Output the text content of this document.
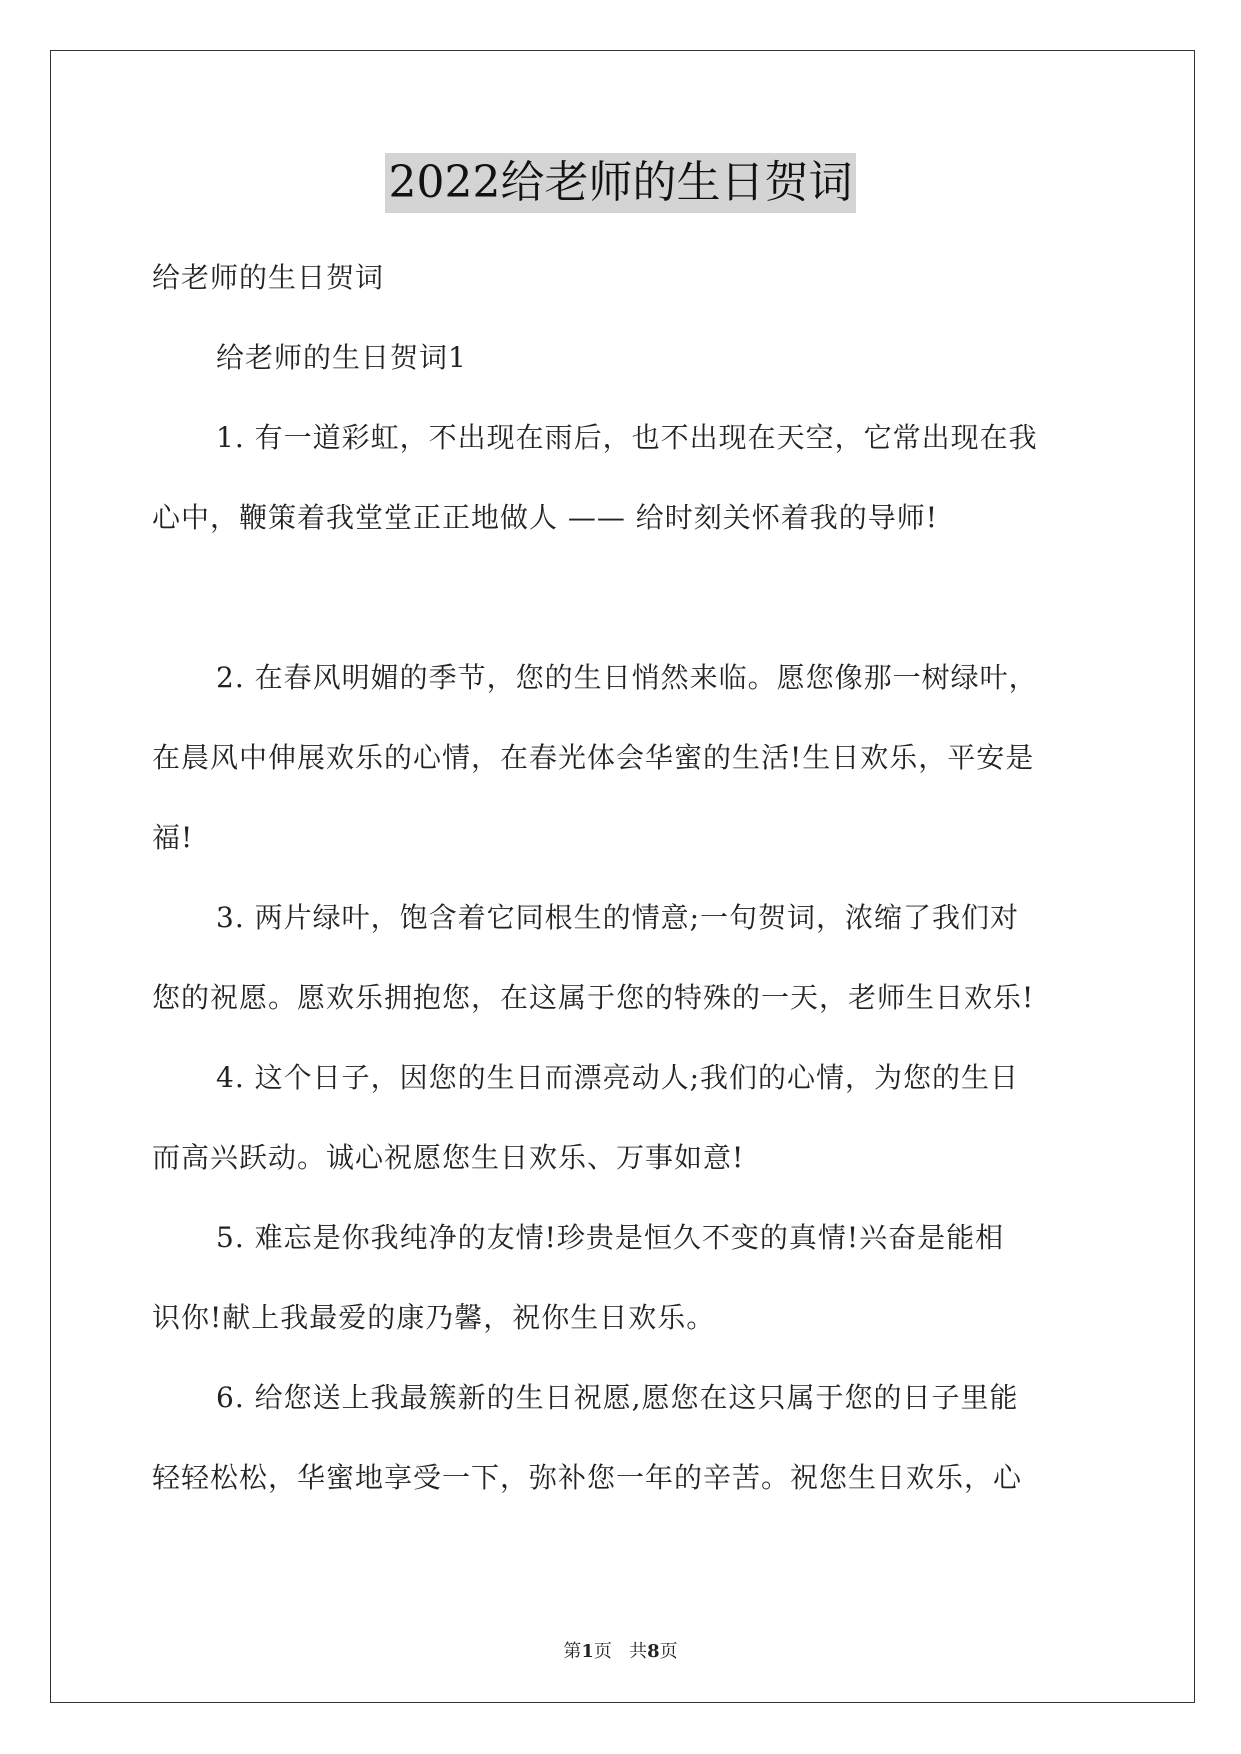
2022给老师的生日贺词
给老师的生日贺词
给老师的生日贺词1
1. 有一道彩虹，不出现在雨后，也不出现在天空，它常出现在我
心中，鞭策着我堂堂正正地做人 —— 给时刻关怀着我的导师!
2. 在春风明媚的季节，您的生日悄然来临。愿您像那一树绿叶，
在晨风中伸展欢乐的心情，在春光体会华蜜的生活!生日欢乐，平安是
福!
3. 两片绿叶，饱含着它同根生的情意;一句贺词，浓缩了我们对
您的祝愿。愿欢乐拥抱您，在这属于您的特殊的一天，老师生日欢乐!
4. 这个日子，因您的生日而漂亮动人;我们的心情，为您的生日
而高兴跃动。诚心祝愿您生日欢乐、万事如意!
5. 难忘是你我纯净的友情!珍贵是恒久不变的真情!兴奋是能相
识你!献上我最爱的康乃馨，祝你生日欢乐。
6. 给您送上我最簇新的生日祝愿,愿您在这只属于您的日子里能
轻轻松松，华蜜地享受一下，弥补您一年的辛苦。祝您生日欢乐，心
第1页 共8页
